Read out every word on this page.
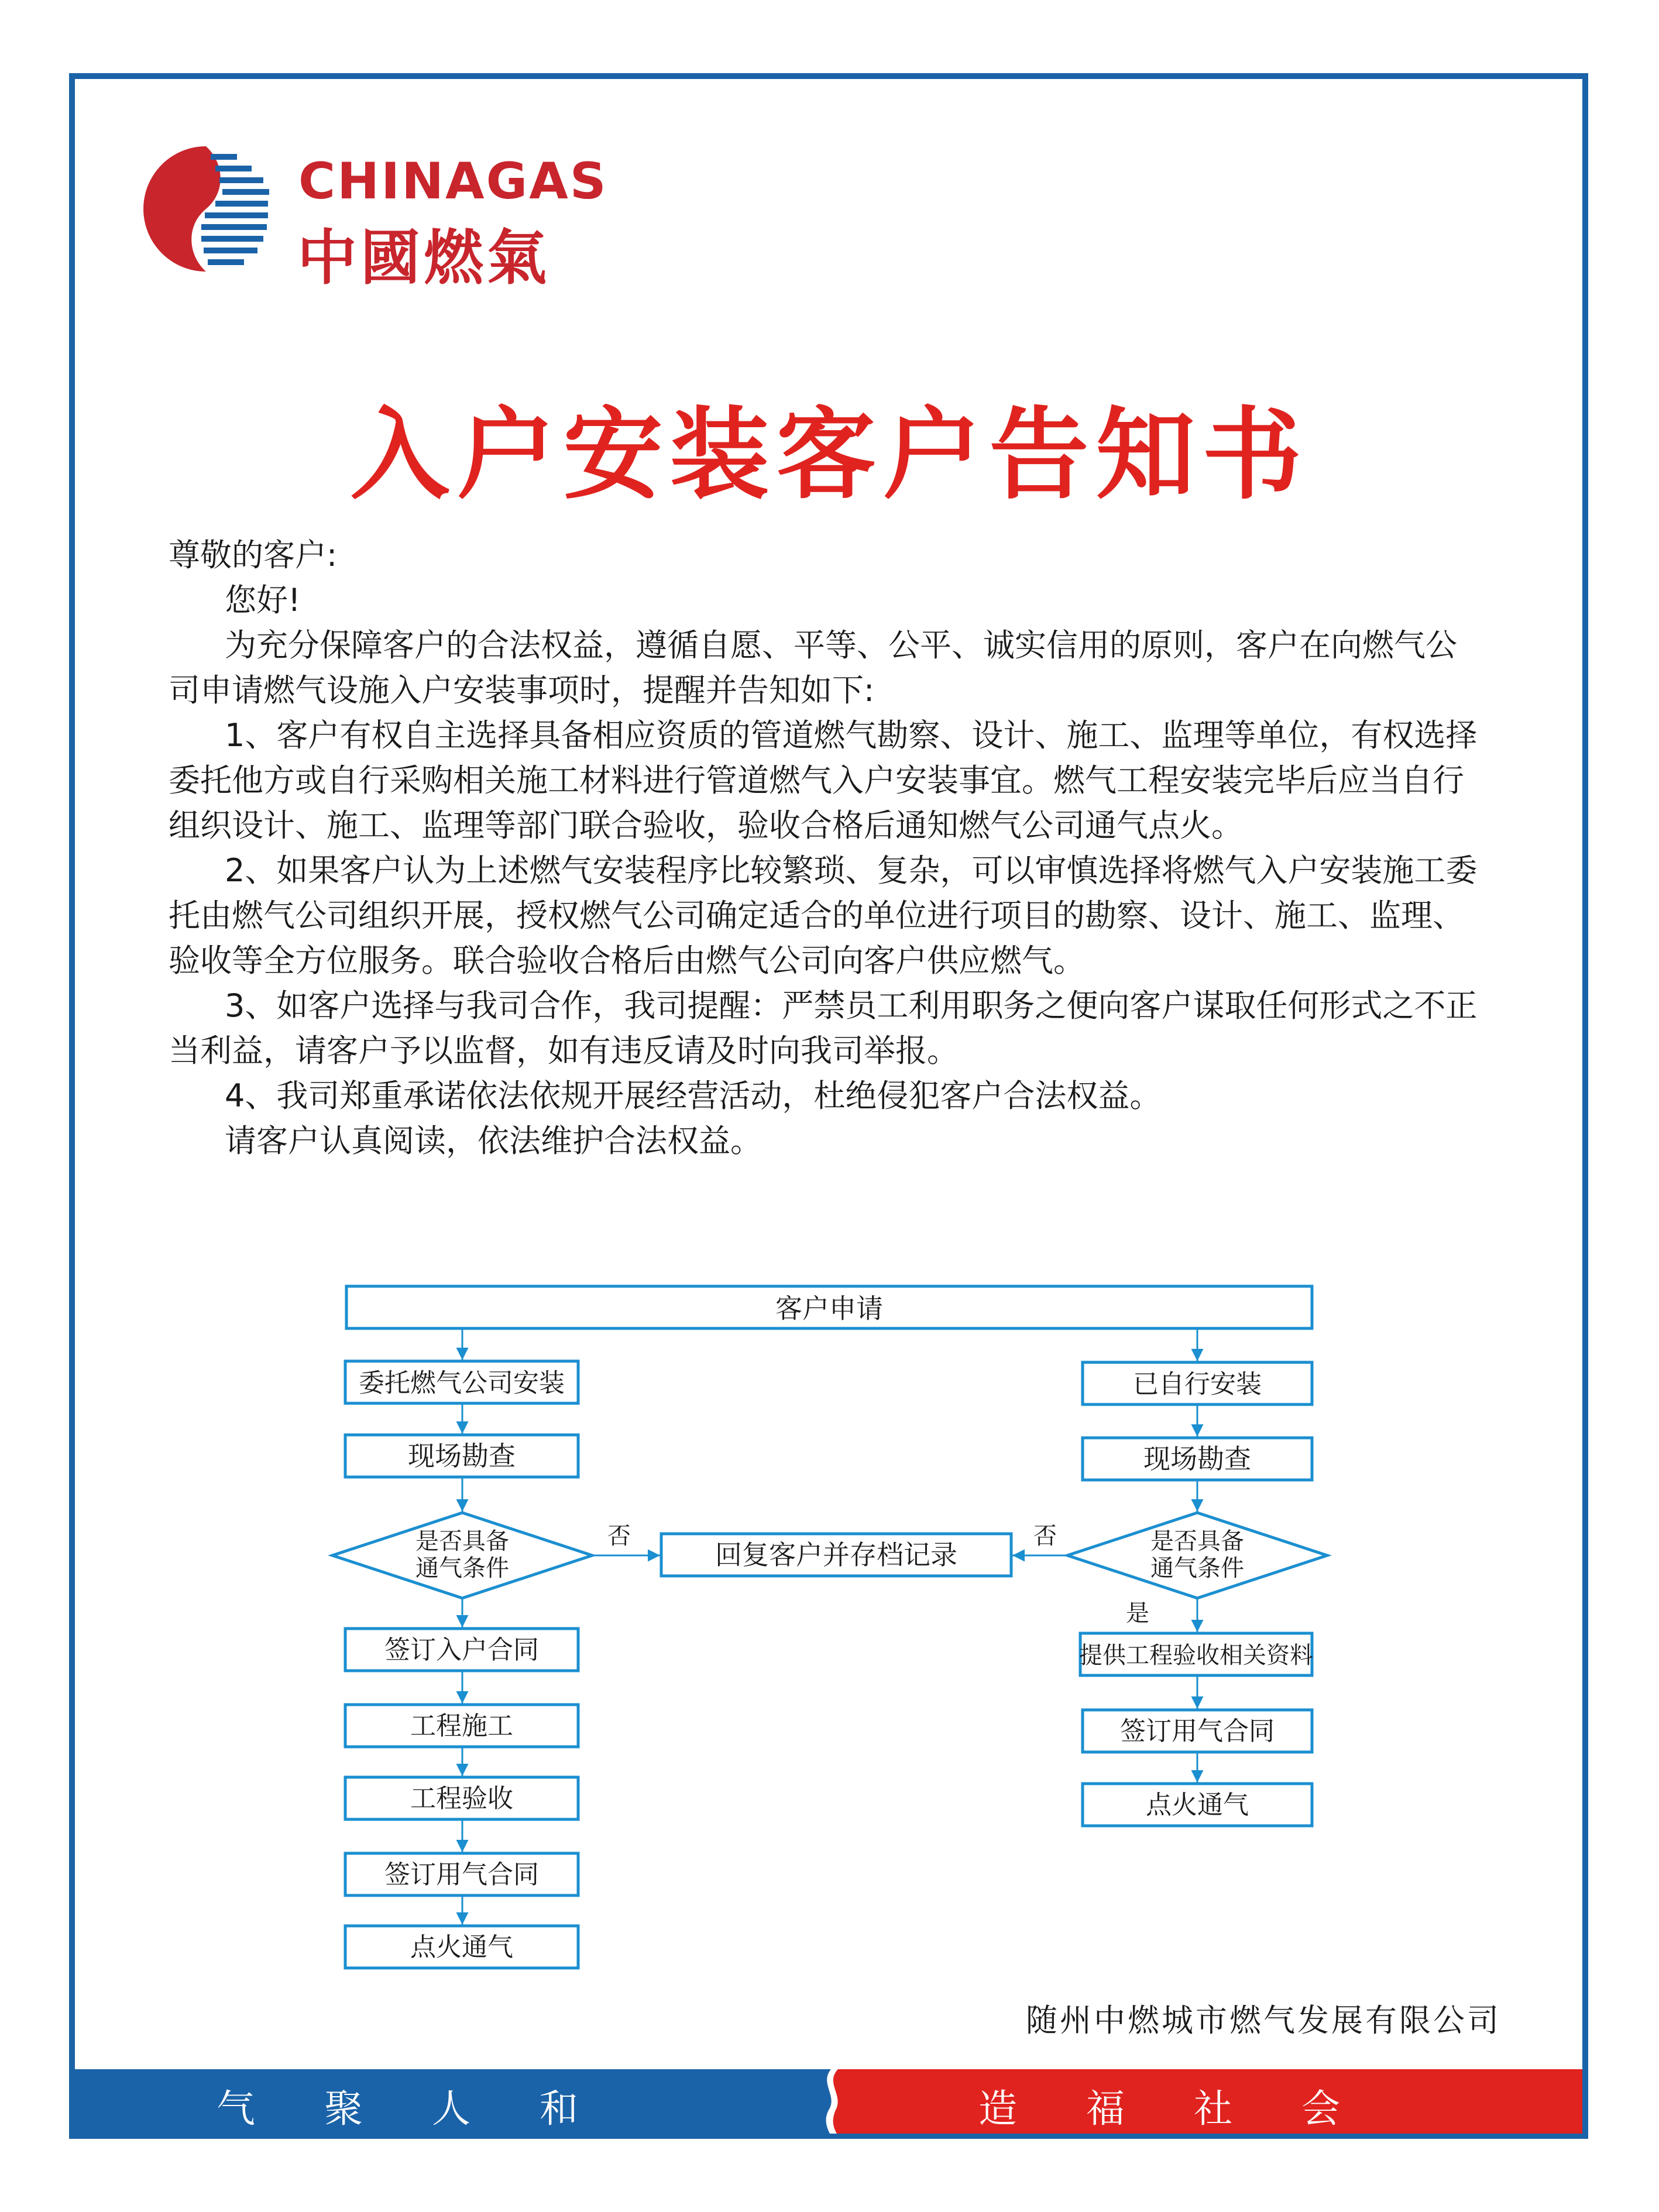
CHINAGAS
中國燃氣
入户安装客户告知书

尊敬的客户:

您好!

为充分保障客户的合法权益，遵循自愿、平等、公平、诚实信用的原则，客户在向燃气公司申请燃气设施入户安装事项时，提醒并告知如下:

1、客户有权自主选择具备相应资质的管道燃气勘察、设计、施工、监理等单位，有权选择委托他方或自行采购相关施工材料进行管道燃气入户安装事宜。燃气工程安装完毕后应当自行组织设计、施工、监理等部门联合验收，验收合格后通知燃气公司通气点火。

2、如果客户认为上述燃气安装程序比较繁琐、复杂，可以审慎选择将燃气入户安装施工委托由燃气公司组织开展，授权燃气公司确定适合的单位进行项目的勘察、设计、施工、监理、验收等全方位服务。联合验收合格后由燃气公司向客户供应燃气。

3、如客户选择与我司合作，我司提醒：严禁员工利用职务之便向客户谋取任何形式之不正当利益，请客户予以监督，如有违反请及时向我司举报。

4、我司郑重承诺依法依规开展经营活动，杜绝侵犯客户合法权益。

请客户认真阅读，依法维护合法权益。

客户申请
委托燃气公司安装
现场勘查
是否具备
通气条件
签订入户合同
工程施工
工程验收
签订用气合同
点火通气
回复客户并存档记录
已自行安装
现场勘查
是否具备
通气条件
提供工程验收相关资料
签订用气合同
点火通气
否	否
是
随州中燃城市燃气发展有限公司
气聚人和	造福社会
